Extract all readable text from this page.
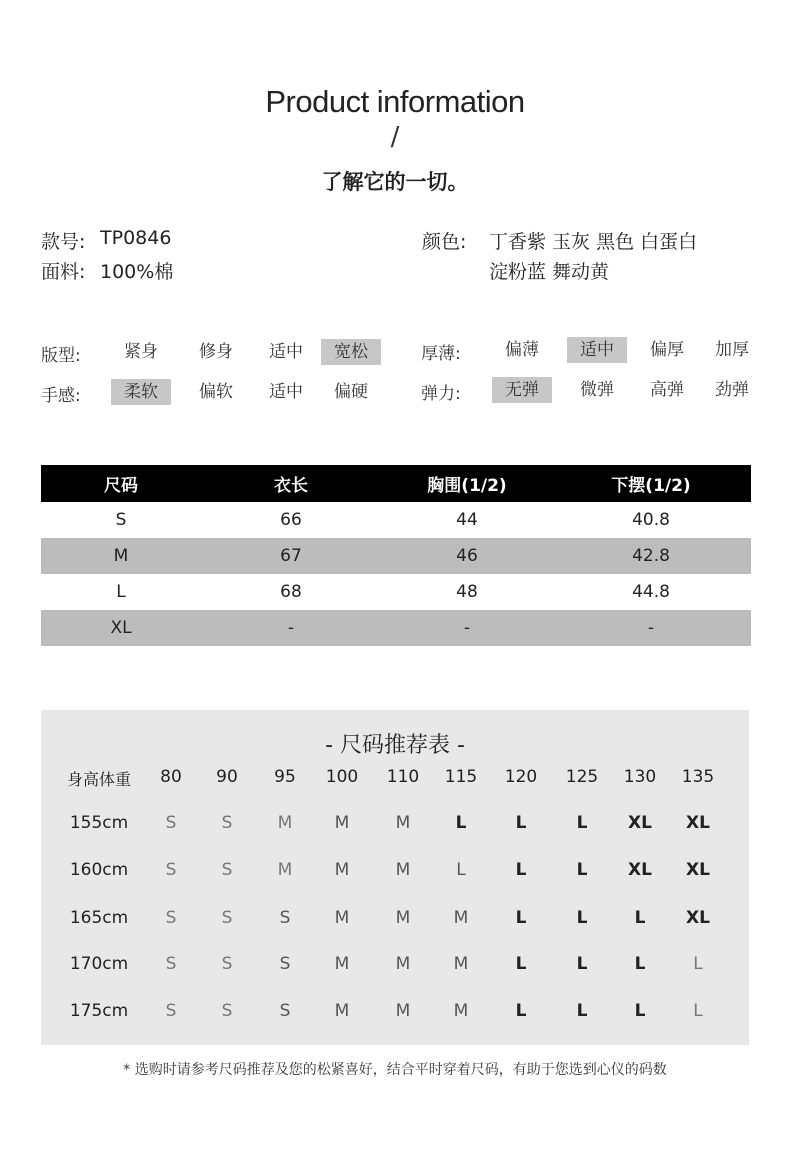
Product information
/
了解它的一切。
款号: TP0846
面料: 100%棉
颜色: 丁香紫 玉灰 黑色 白蛋白
淀粉蓝 舞动黄
版型:	紧身	修身	适中	宽松	厚薄:	偏薄	适中	偏厚	加厚
手感:	柔软	偏软	适中	偏硬	弹力:	无弹	微弹	高弹	劲弹
尺码	衣长	胸围(1/2)	下摆(1/2)
S	66	44	40.8
M	67	46	42.8
L	68	48	44.8
XL	-	-	-
- 尺码推荐表 -
身高体重	80	90	95	100	110	115	120	125	130	135
155cm	S	S	M	M	M	L	L	L	XL	XL
160cm	S	S	M	M	M	L	L	L	XL	XL
165cm	S	S	S	M	M	M	L	L	L	XL
170cm	S	S	S	M	M	M	L	L	L	L
175cm	S	S	S	M	M	M	L	L	L	L
* 选购时请参考尺码推荐及您的松紧喜好，结合平时穿着尺码，有助于您选到心仪的码数
